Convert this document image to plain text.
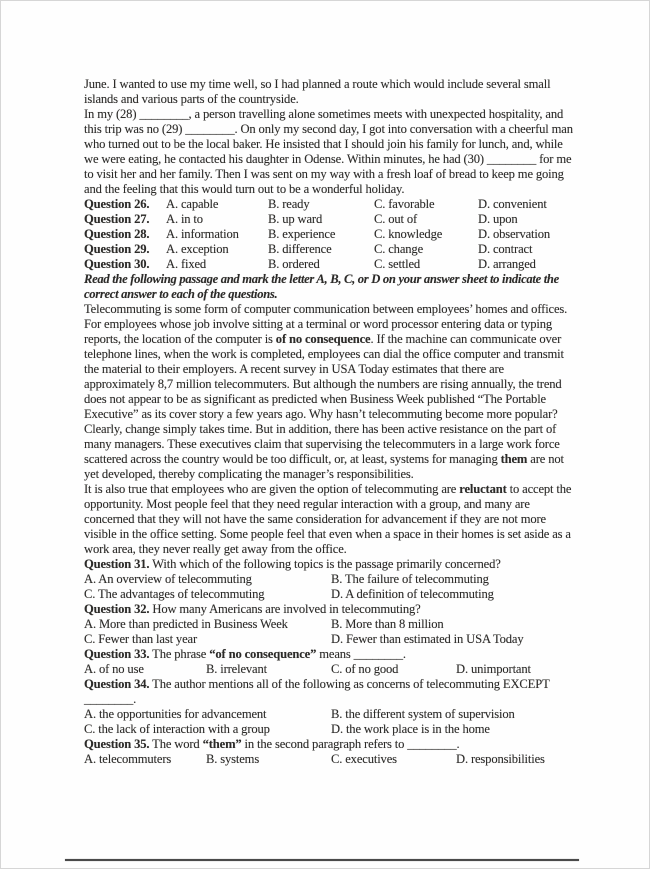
June. I wanted to use my time well, so I had planned a route which would include several small islands and various parts of the countryside.

In my (28) ________, a person travelling alone sometimes meets with unexpected hospitality, and this trip was no (29) ________. On only my second day, I got into conversation with a cheerful man who turned out to be the local baker. He insisted that I should join his family for lunch, and, while we were eating, he contacted his daughter in Odense. Within minutes, he had (30) ________ for me to visit her and her family. Then I was sent on my way with a fresh loaf of bread to keep me going and the feeling that this would turn out to be a wonderful holiday.

Question 26.	A. capable	B. ready	C. favorable	D. convenient
Question 27.	A. in to	B. up ward	C. out of	D. upon
Question 28.	A. information	B. experience	C. knowledge	D. observation
Question 29.	A. exception	B. difference	C. change	D. contract
Question 30.	A. fixed	B. ordered	C. settled	D. arranged

Read the following passage and mark the letter A, B, C, or D on your answer sheet to indicate the correct answer to each of the questions.

Telecommuting is some form of computer communication between employees’ homes and offices. For employees whose job involve sitting at a terminal or word processor entering data or typing reports, the location of the computer is of no consequence. If the machine can communicate over telephone lines, when the work is completed, employees can dial the office computer and transmit the material to their employers. A recent survey in USA Today estimates that there are approximately 8,7 million telecommuters. But although the numbers are rising annually, the trend does not appear to be as significant as predicted when Business Week published “The Portable Executive” as its cover story a few years ago. Why hasn’t telecommuting become more popular?

Clearly, change simply takes time. But in addition, there has been active resistance on the part of many managers. These executives claim that supervising the telecommuters in a large work force scattered across the country would be too difficult, or, at least, systems for managing them are not yet developed, thereby complicating the manager’s responsibilities.

It is also true that employees who are given the option of telecommuting are reluctant to accept the opportunity. Most people feel that they need regular interaction with a group, and many are concerned that they will not have the same consideration for advancement if they are not more visible in the office setting. Some people feel that even when a space in their homes is set aside as a work area, they never really get away from the office.

Question 31. With which of the following topics is the passage primarily concerned?

A. An overview of telecommuting	B. The failure of telecommuting
C. The advantages of telecommuting	D. A definition of telecommuting

Question 32. How many Americans are involved in telecommuting?

A. More than predicted in Business Week	B. More than 8 million
C. Fewer than last year	D. Fewer than estimated in USA Today

Question 33. The phrase “of no consequence” means ________.

A. of no use	B. irrelevant	C. of no good	D. unimportant

Question 34. The author mentions all of the following as concerns of telecommuting EXCEPT ________.

A. the opportunities for advancement	B. the different system of supervision
C. the lack of interaction with a group	D. the work place is in the home

Question 35. The word “them” in the second paragraph refers to ________.

A. telecommuters	B. systems	C. executives	D. responsibilities
